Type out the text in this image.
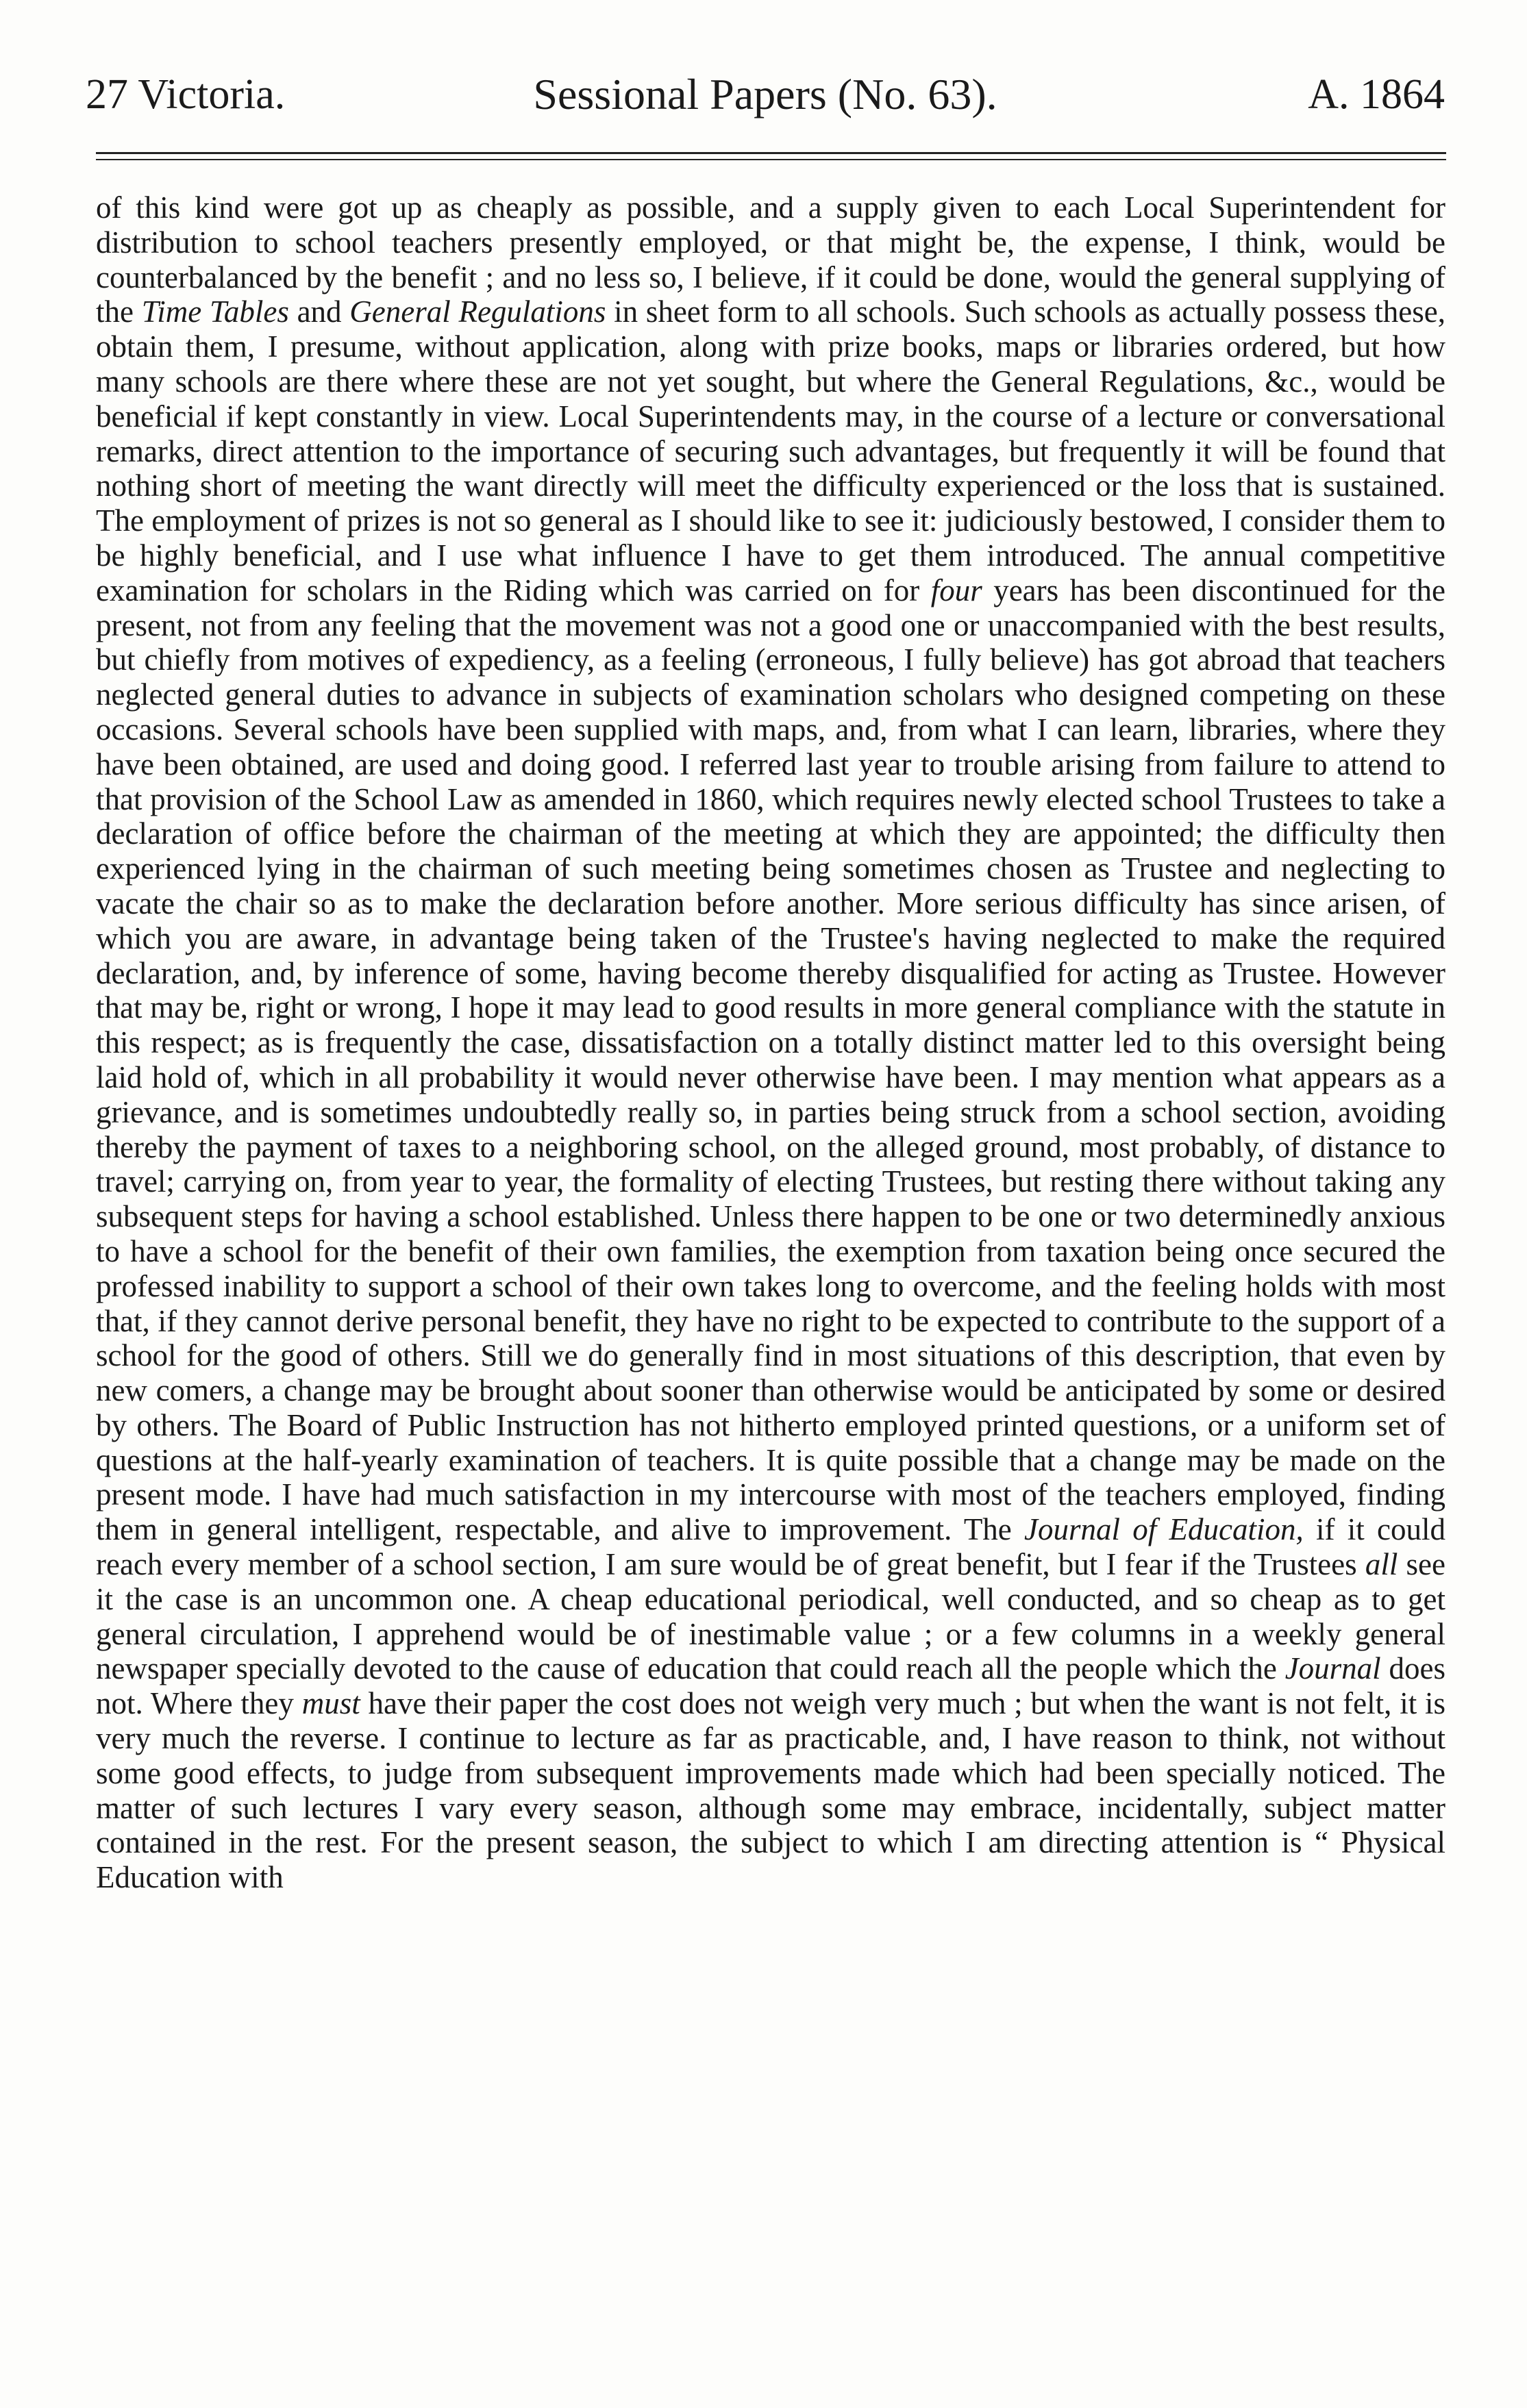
27 Victoria.	Sessional Papers (No. 63).	A. 1864

of this kind were got up as cheaply as possible, and a supply given to each Local Superintendent for distribution to school teachers presently employed, or that might be, the expense, I think, would be counterbalanced by the benefit ; and no less so, I believe, if it could be done, would the general supplying of the Time Tables and General Regulations in sheet form to all schools. Such schools as actually possess these, obtain them, I presume, without application, along with prize books, maps or libraries ordered, but how many schools are there where these are not yet sought, but where the General Regulations, &c., would be beneficial if kept constantly in view. Local Superintendents may, in the course of a lecture or conversational remarks, direct attention to the importance of securing such advantages, but frequently it will be found that nothing short of meeting the want directly will meet the difficulty experienced or the loss that is sustained. The employment of prizes is not so general as I should like to see it: judiciously bestowed, I consider them to be highly beneficial, and I use what influence I have to get them introduced. The annual competitive examination for scholars in the Riding which was carried on for four years has been discontinued for the present, not from any feeling that the movement was not a good one or unaccompanied with the best results, but chiefly from motives of expediency, as a feeling (erroneous, I fully believe) has got abroad that teachers neglected general duties to advance in subjects of examination scholars who designed competing on these occasions. Several schools have been supplied with maps, and, from what I can learn, libraries, where they have been obtained, are used and doing good. I referred last year to trouble arising from failure to attend to that provision of the School Law as amended in 1860, which requires newly elected school Trustees to take a declaration of office before the chairman of the meeting at which they are appointed; the difficulty then experienced lying in the chairman of such meeting being sometimes chosen as Trustee and neglecting to vacate the chair so as to make the declaration before another. More serious difficulty has since arisen, of which you are aware, in advantage being taken of the Trustee's having neglected to make the required declaration, and, by inference of some, having become thereby disqualified for acting as Trustee. However that may be, right or wrong, I hope it may lead to good results in more general compliance with the statute in this respect; as is frequently the case, dissatisfaction on a totally distinct matter led to this oversight being laid hold of, which in all probability it would never otherwise have been. I may mention what appears as a grievance, and is sometimes undoubtedly really so, in parties being struck from a school section, avoiding thereby the payment of taxes to a neighboring school, on the alleged ground, most probably, of distance to travel; carrying on, from year to year, the formality of electing Trustees, but resting there without taking any subsequent steps for having a school established. Unless there happen to be one or two determinedly anxious to have a school for the benefit of their own families, the exemption from taxation being once secured the professed inability to support a school of their own takes long to overcome, and the feeling holds with most that, if they cannot derive personal benefit, they have no right to be expected to contribute to the support of a school for the good of others. Still we do generally find in most situations of this description, that even by new comers, a change may be brought about sooner than otherwise would be anticipated by some or desired by others. The Board of Public Instruction has not hitherto employed printed questions, or a uniform set of questions at the half-yearly examination of teachers. It is quite possible that a change may be made on the present mode. I have had much satisfaction in my intercourse with most of the teachers employed, finding them in general intelligent, respectable, and alive to improvement. The Journal of Education, if it could reach every member of a school section, I am sure would be of great benefit, but I fear if the Trustees all see it the case is an uncommon one. A cheap educational periodical, well conducted, and so cheap as to get general circulation, I apprehend would be of inestimable value ; or a few columns in a weekly general newspaper specially devoted to the cause of education that could reach all the people which the Journal does not. Where they must have their paper the cost does not weigh very much ; but when the want is not felt, it is very much the reverse. I continue to lecture as far as practicable, and, I have reason to think, not without some good effects, to judge from subsequent improvements made which had been specially noticed. The matter of such lectures I vary every season, although some may embrace, incidentally, subject matter contained in the rest. For the present season, the subject to which I am directing attention is “ Physical Education with
